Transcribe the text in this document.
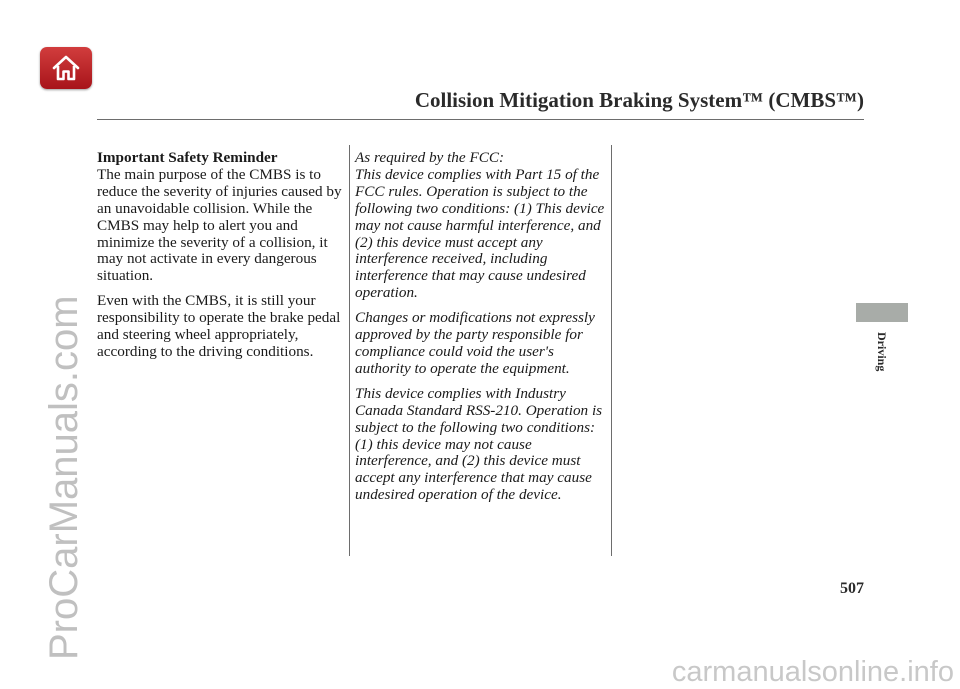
Collision Mitigation Braking System™ (CMBS™)

Important Safety Reminder
The main purpose of the CMBS is to reduce the severity of injuries caused by an unavoidable collision. While the CMBS may help to alert you and minimize the severity of a collision, it may not activate in every dangerous situation.

Even with the CMBS, it is still your responsibility to operate the brake pedal and steering wheel appropriately, according to the driving conditions.

As required by the FCC:
This device complies with Part 15 of the FCC rules. Operation is subject to the following two conditions: (1) This device may not cause harmful interference, and (2) this device must accept any interference received, including interference that may cause undesired operation.

Changes or modifications not expressly approved by the party responsible for compliance could void the user's authority to operate the equipment.

This device complies with Industry Canada Standard RSS-210. Operation is subject to the following two conditions: (1) this device may not cause interference, and (2) this device must accept any interference that may cause undesired operation of the device.

Driving
507
ProCarManuals.com
carmanualsonline.info
